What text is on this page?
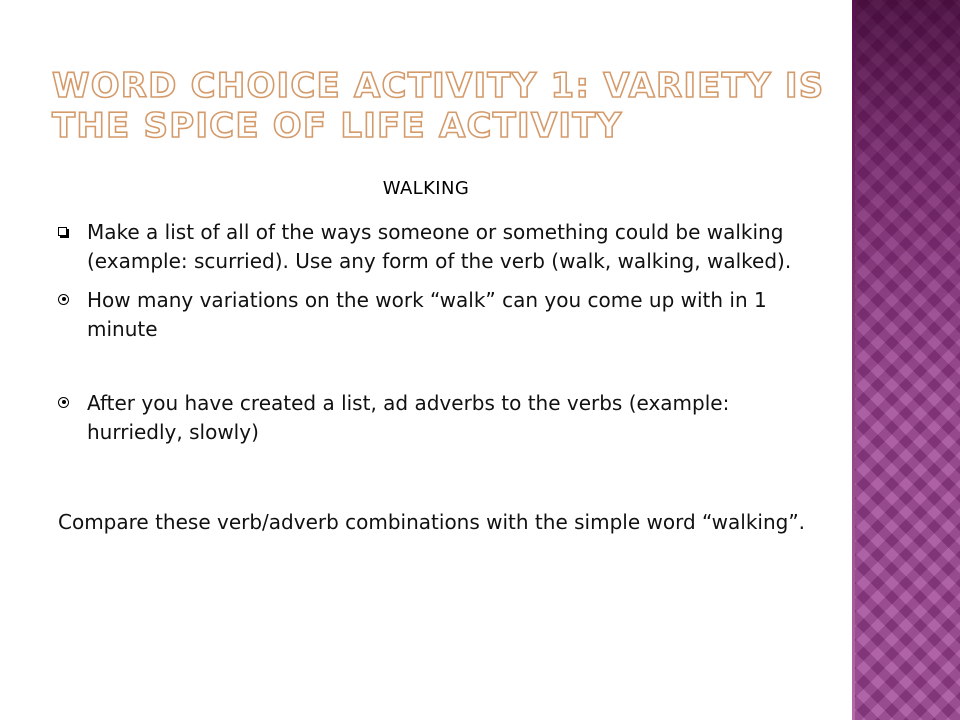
WORD CHOICE ACTIVITY 1: VARIETY IS THE SPICE OF LIFE ACTIVITY
WALKING
Make a list of all of the ways someone or something could be walking (example: scurried). Use any form of the verb (walk, walking, walked).
How many variations on the work “walk” can you come up with in 1 minute
After you have created a list, ad adverbs to the verbs (example: hurriedly, slowly)

Compare these verb/adverb combinations with the simple word “walking”.
